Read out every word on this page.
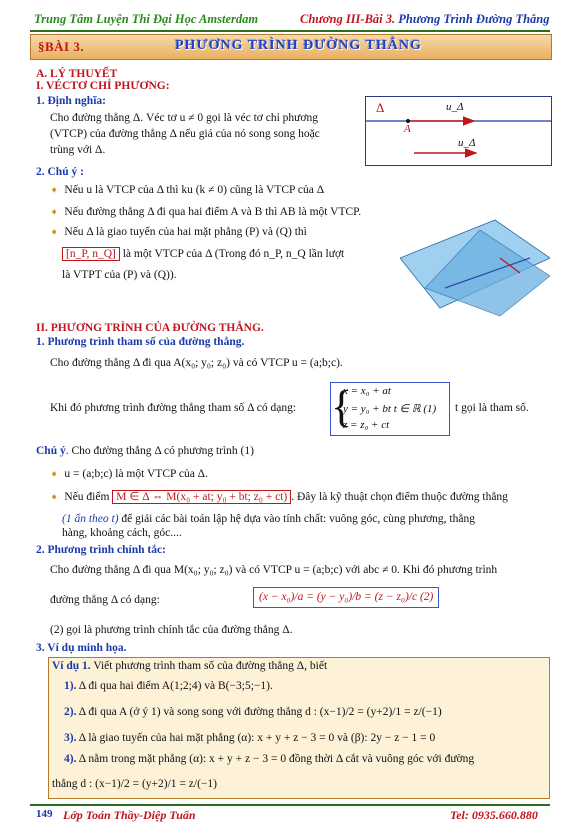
Trung Tâm Luyện Thi Đại Học Amsterdam	Chương III-Bài 3. Phương Trình Đường Thẳng
§BÀI 3.	PHƯƠNG TRÌNH ĐƯỜNG THẲNG
A. LÝ THUYẾT
I. VÉCTƠ CHỈ PHƯƠNG:
1. Định nghĩa:
Cho đường thẳng Δ. Véc tơ u ≠ 0 gọi là véc tơ chỉ phương
(VTCP) của đường thẳng Δ nếu giá của nó song song hoặc
trùng với Δ.
Δ
A
u_Δ
u_Δ
2. Chú ý :
➧ Nếu u là VTCP của Δ thì ku (k ≠ 0) cũng là VTCP của Δ
➧ Nếu đường thẳng Δ đi qua hai điểm A và B thì AB là một VTCP.
➧ Nếu Δ là giao tuyến của hai mặt phẳng (P) và (Q) thì
[n_P, n_Q] là một VTCP của Δ (Trong đó n_P, n_Q lần lượt
là VTPT của (P) và (Q)).
II. PHƯƠNG TRÌNH CỦA ĐƯỜNG THẲNG.
1. Phương trình tham số của đường thẳng.
Cho đường thẳng Δ đi qua A(x₀; y₀; z₀) và có VTCP u = (a;b;c).
Khi đó phương trình đường thẳng tham số Δ có dạng: {
x = x₀ + at
y = y₀ + bt t ∈ ℝ (1)
z = z₀ + ct
t gọi là tham số.
Chú ý. Cho đường thẳng Δ có phương trình (1)
➧ u = (a;b;c) là một VTCP của Δ.
➧ Nếu điểm M ∈ Δ ⇔ M(x₀ + at; y₀ + bt; z₀ + ct) . Đây là kỹ thuật chọn điểm thuộc đường thẳng
(1 ẩn theo t) để giải các bài toán lập hệ dựa vào tính chất: vuông góc, cùng phương, thẳng
hàng, khoảng cách, góc....
2. Phương trình chính tắc:
Cho đường thẳng Δ đi qua M(x₀; y₀; z₀) và có VTCP u = (a;b;c) với abc ≠ 0. Khi đó phương trình
đường thẳng Δ có dạng:	(x − x₀)/a = (y − y₀)/b = (z − z₀)/c (2)
(2) gọi là phương trình chính tắc của đường thẳng Δ.
3. Ví dụ minh họa.
Ví dụ 1. Viết phương trình tham số của đường thẳng Δ, biết
1). Δ đi qua hai điểm A(1;2;4) và B(−3;5;−1).
2). Δ đi qua A (ở ý 1) và song song với đường thẳng d : (x−1)/2 = (y+2)/1 = z/(−1)
3). Δ là giao tuyến của hai mặt phẳng (α): x + y + z − 3 = 0 và (β): 2y − z − 1 = 0
4). Δ nằm trong mặt phẳng (α): x + y + z − 3 = 0 đồng thời Δ cắt và vuông góc với đường
thẳng d : (x−1)/2 = (y+2)/1 = z/(−1)
149 Lớp Toán Thầy-Diệp Tuấn	Tel: 0935.660.880
